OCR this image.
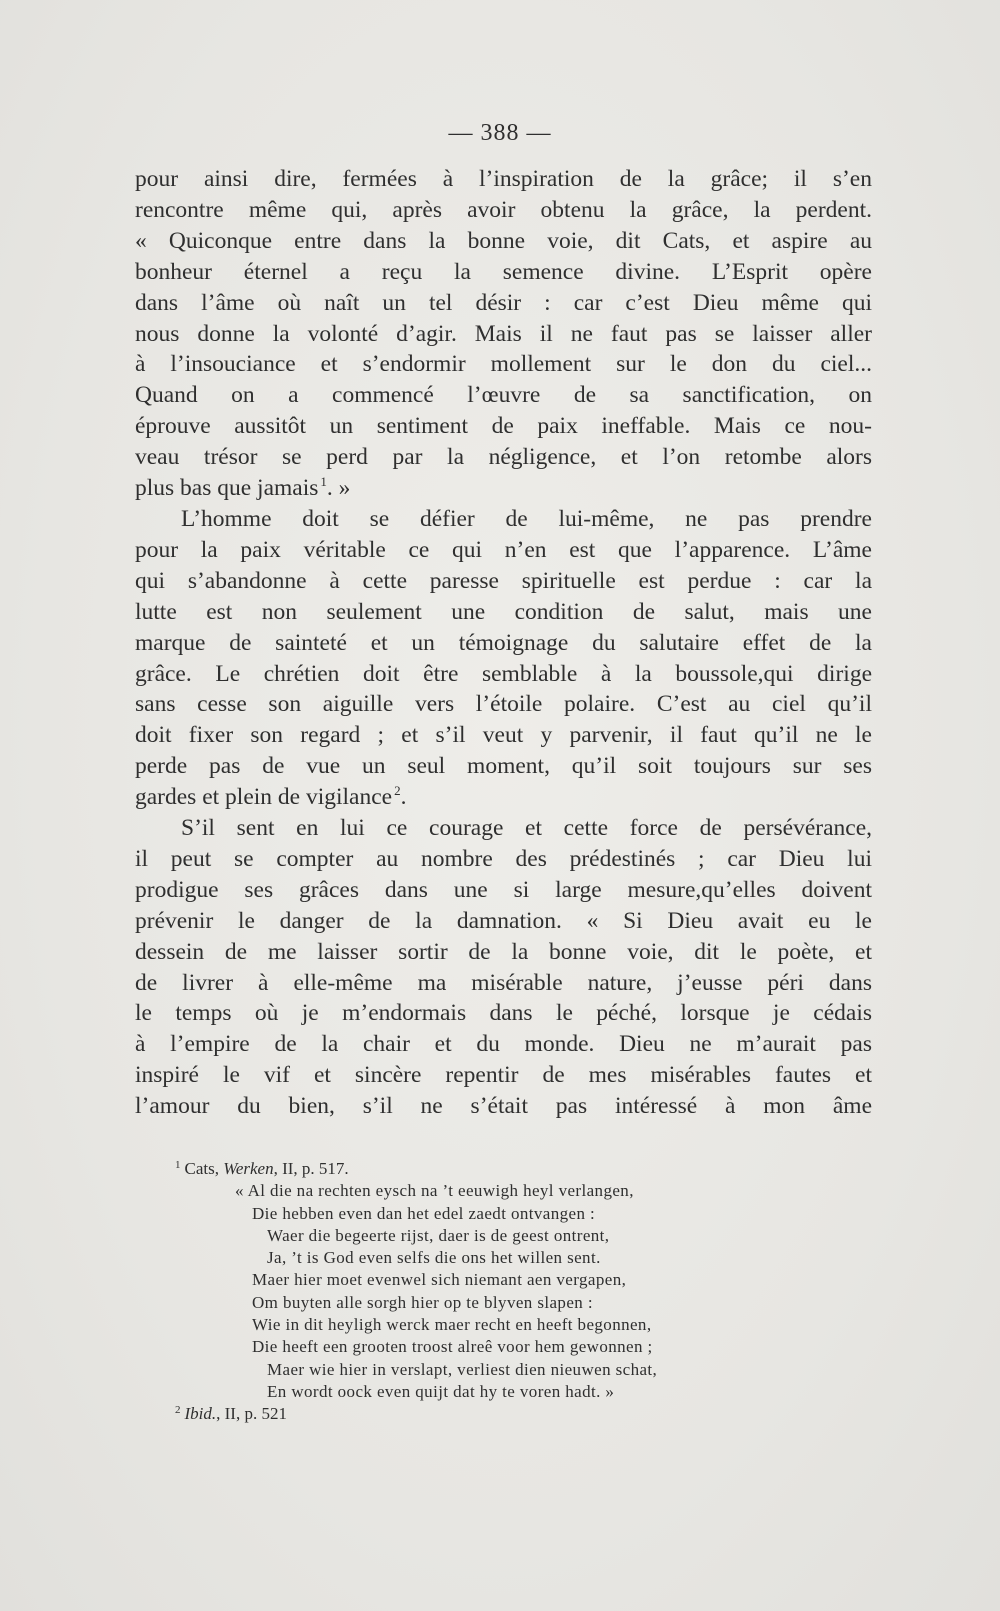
— 388 —
pour ainsi dire, fermées à l’inspiration de la grâce; il s’en
rencontre même qui, après avoir obtenu la grâce, la perdent.
« Quiconque entre dans la bonne voie, dit Cats, et aspire au
bonheur éternel a reçu la semence divine. L’Esprit opère
dans l’âme où naît un tel désir : car c’est Dieu même qui
nous donne la volonté d’agir. Mais il ne faut pas se laisser aller
à l’insouciance et s’endormir mollement sur le don du ciel...
Quand on a commencé l’œuvre de sa sanctification, on
éprouve aussitôt un sentiment de paix ineffable. Mais ce nou-
veau trésor se perd par la négligence, et l’on retombe alors
plus bas que jamais  $^1$. »
L’homme doit se défier de lui-même, ne pas prendre
pour la paix véritable ce qui n’en est que l’apparence. L’âme
qui s’abandonne à cette paresse spirituelle est perdue : car la
lutte est non seulement une condition de salut, mais une
marque de sainteté et un témoignage du salutaire effet de la
grâce. Le chrétien doit être semblable à la boussole,qui dirige
sans cesse son aiguille vers l’étoile polaire. C’est au ciel qu’il
doit fixer son regard ; et s’il veut y parvenir, il faut qu’il ne le
perde pas de vue un seul moment, qu’il soit toujours sur ses
gardes et plein de vigilance  $^2$.
S’il sent en lui ce courage et cette force de persévérance,
il peut se compter au nombre des prédestinés ; car Dieu lui
prodigue ses grâces dans une si large mesure,qu’elles doivent
prévenir le danger de la damnation. « Si Dieu avait eu le
dessein de me laisser sortir de la bonne voie, dit le poète, et
de livrer à elle-même ma misérable nature, j’eusse péri dans
le temps où je m’endormais dans le péché, lorsque je cédais
à l’empire de la chair et du monde. Dieu ne m’aurait pas
inspiré le vif et sincère repentir de mes misérables fautes et
l’amour du bien, s’il ne s’était pas intéressé à mon âme
$^1$ Cats, Werken, II, p. 517.
« Al die na rechten eysch na ’t eeuwigh heyl verlangen,
Die hebben even dan het edel zaedt ontvangen :
Waer die begeerte rijst, daer is de geest ontrent,
Ja, ’t is God even selfs die ons het willen sent.
Maer hier moet evenwel sich niemant aen vergapen,
Om buyten alle sorgh hier op te blyven slapen :
Wie in dit heyligh werck maer recht en heeft begonnen,
Die heeft een grooten troost alreê voor hem gewonnen ;
Maer wie hier in verslapt, verliest dien nieuwen schat,
En wordt oock even quijt dat hy te voren hadt. »
$^2$ Ibid., II, p. 521
